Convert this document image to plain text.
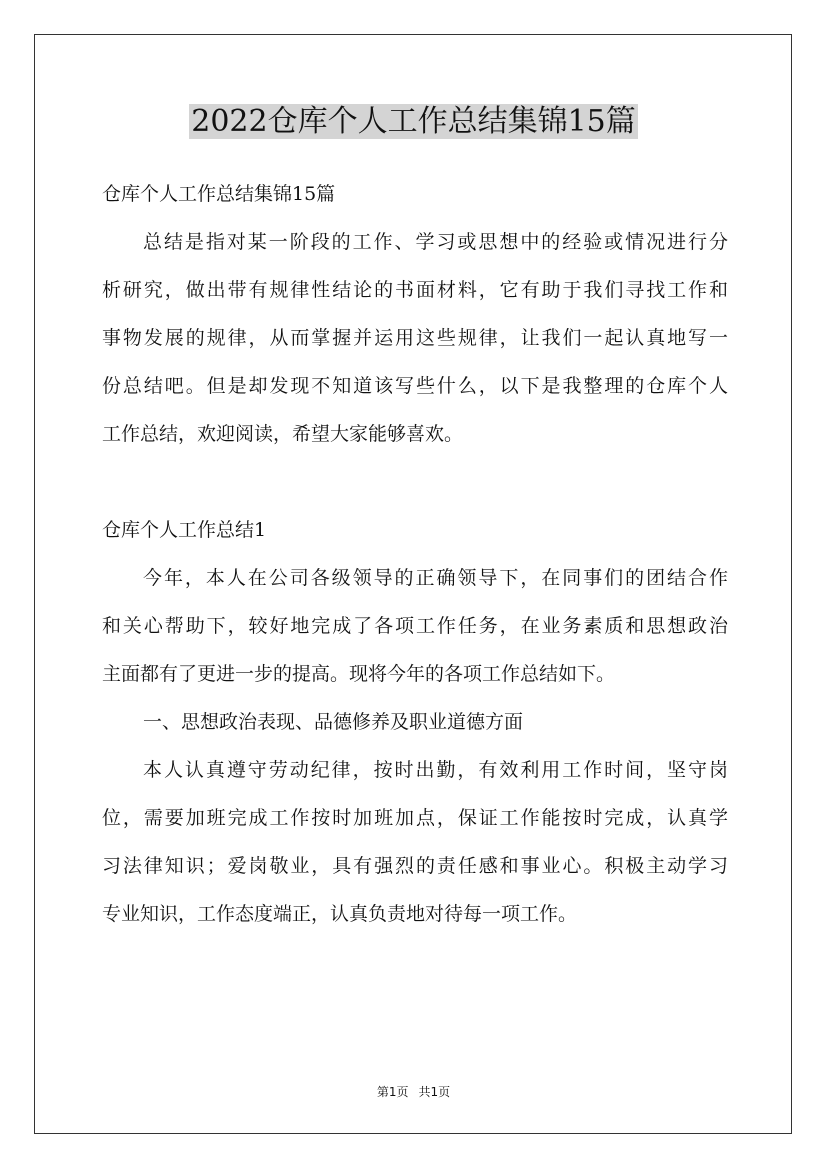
2022仓库个人工作总结集锦15篇
仓库个人工作总结集锦15篇
总结是指对某一阶段的工作、学习或思想中的经验或情况进行分
析研究，做出带有规律性结论的书面材料，它有助于我们寻找工作和
事物发展的规律，从而掌握并运用这些规律，让我们一起认真地写一
份总结吧。但是却发现不知道该写些什么，以下是我整理的仓库个人
工作总结，欢迎阅读，希望大家能够喜欢。
仓库个人工作总结1
今年，本人在公司各级领导的正确领导下，在同事们的团结合作
和关心帮助下，较好地完成了各项工作任务，在业务素质和思想政治
主面都有了更进一步的提高。现将今年的各项工作总结如下。
一、思想政治表现、品德修养及职业道德方面
本人认真遵守劳动纪律，按时出勤，有效利用工作时间，坚守岗
位，需要加班完成工作按时加班加点，保证工作能按时完成，认真学
习法律知识；爱岗敬业，具有强烈的责任感和事业心。积极主动学习
专业知识，工作态度端正，认真负责地对待每一项工作。
第1页 共1页
